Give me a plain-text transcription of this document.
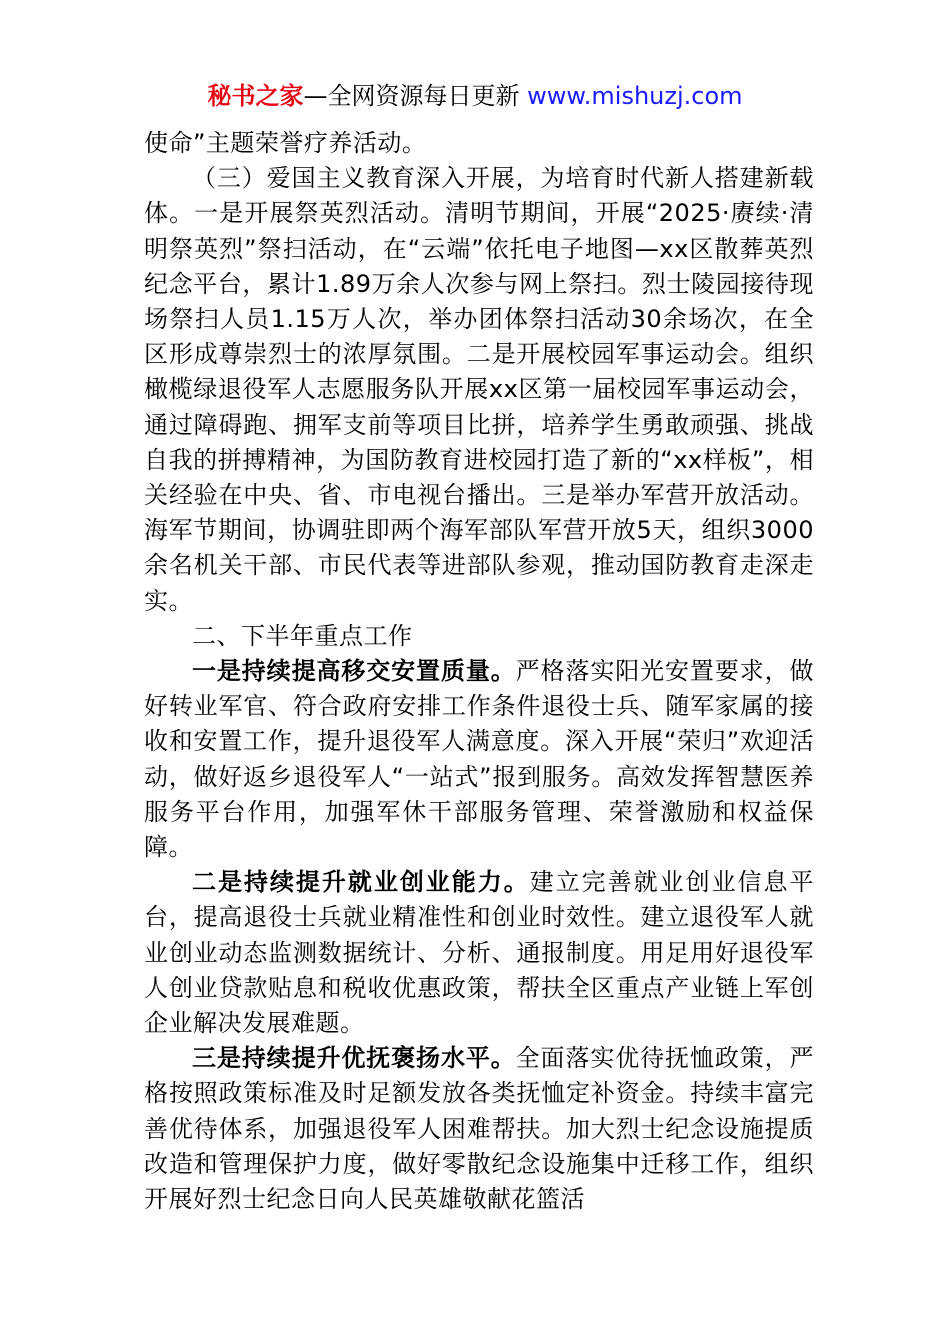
秘书之家—全网资源每日更新 www.mishuzj.com

使命”主题荣誉疗养活动。

（三）爱国主义教育深入开展，为培育时代新人搭建新载体。一是开展祭英烈活动。清明节期间，开展“2025·赓续·清明祭英烈”祭扫活动，在“云端”依托电子地图—xx区散葬英烈纪念平台，累计1.89万余人次参与网上祭扫。烈士陵园接待现场祭扫人员1.15万人次，举办团体祭扫活动30余场次，在全区形成尊崇烈士的浓厚氛围。二是开展校园军事运动会。组织橄榄绿退役军人志愿服务队开展xx区第一届校园军事运动会，通过障碍跑、拥军支前等项目比拼，培养学生勇敢顽强、挑战自我的拼搏精神，为国防教育进校园打造了新的“xx样板”，相关经验在中央、省、市电视台播出。三是举办军营开放活动。海军节期间，协调驻即两个海军部队军营开放5天，组织3000余名机关干部、市民代表等进部队参观，推动国防教育走深走实。

二、下半年重点工作

一是持续提高移交安置质量。严格落实阳光安置要求，做好转业军官、符合政府安排工作条件退役士兵、随军家属的接收和安置工作，提升退役军人满意度。深入开展“荣归”欢迎活动，做好返乡退役军人“一站式”报到服务。高效发挥智慧医养服务平台作用，加强军休干部服务管理、荣誉激励和权益保障。

二是持续提升就业创业能力。建立完善就业创业信息平台，提高退役士兵就业精准性和创业时效性。建立退役军人就业创业动态监测数据统计、分析、通报制度。用足用好退役军人创业贷款贴息和税收优惠政策，帮扶全区重点产业链上军创企业解决发展难题。

三是持续提升优抚褒扬水平。全面落实优待抚恤政策，严格按照政策标准及时足额发放各类抚恤定补资金。持续丰富完善优待体系，加强退役军人困难帮扶。加大烈士纪念设施提质改造和管理保护力度，做好零散纪念设施集中迁移工作，组织开展好烈士纪念日向人民英雄敬献花篮活
